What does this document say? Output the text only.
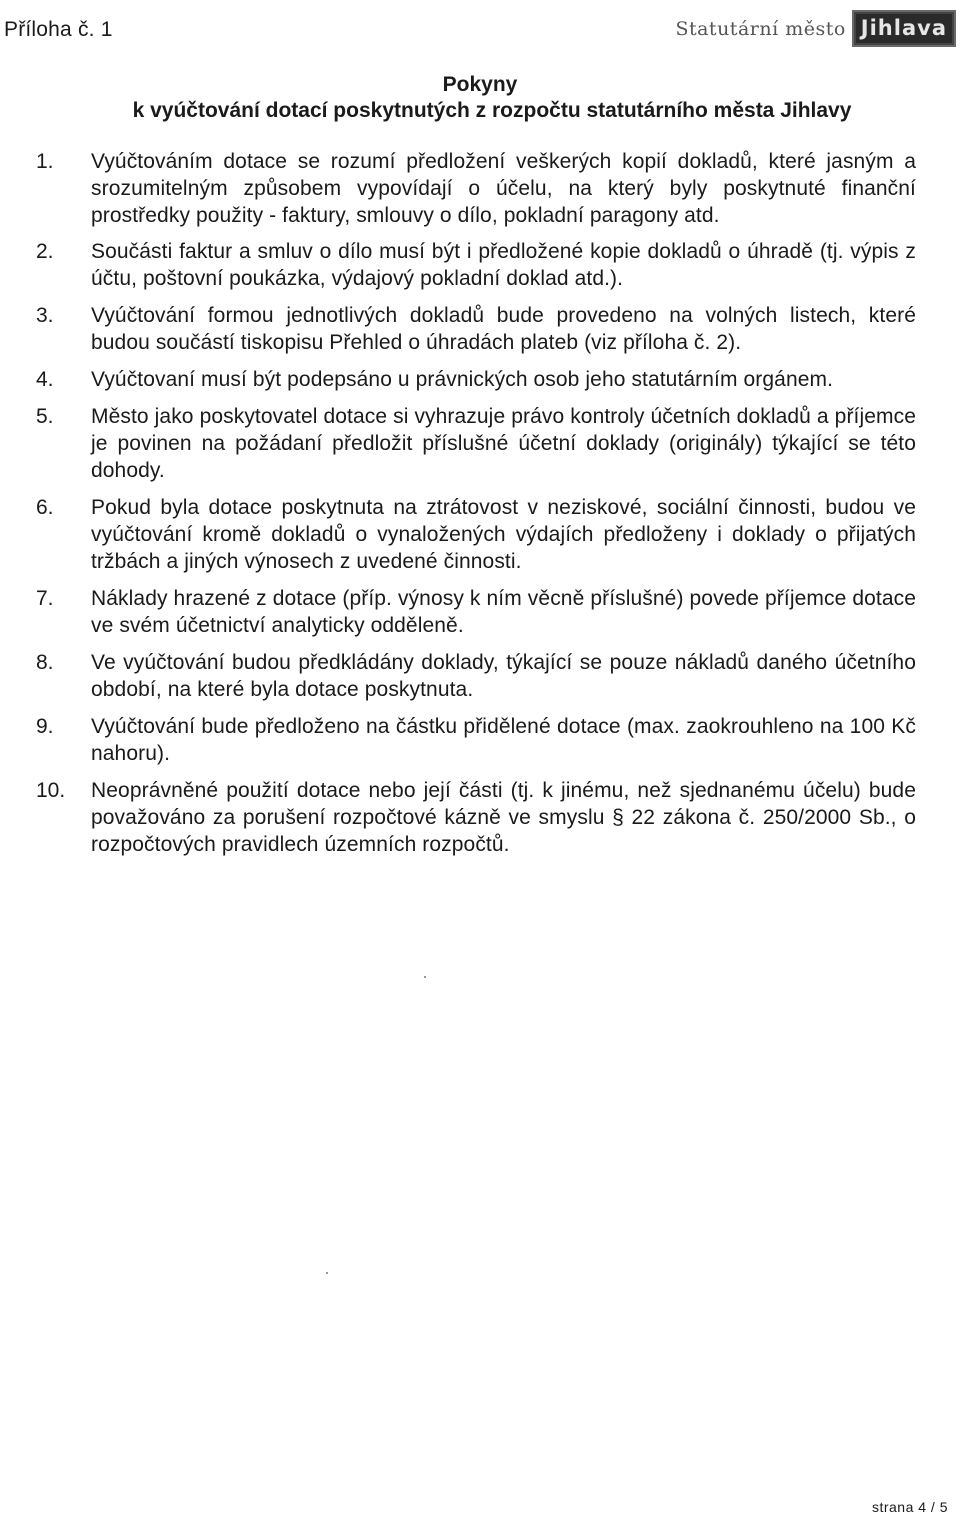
Příloha č. 1	Statutární město Jihlava
Pokyny
k vyúčtování dotací poskytnutých z rozpočtu statutárního města Jihlavy
1.	Vyúčtováním dotace se rozumí předložení veškerých kopií dokladů, které jasným a srozumitelným způsobem vypovídají o účelu, na který byly poskytnuté finanční prostředky použity - faktury, smlouvy o dílo, pokladní paragony atd.
2.	Součásti faktur a smluv o dílo musí být i předložené kopie dokladů o úhradě (tj. výpis z účtu, poštovní poukázka, výdajový pokladní doklad atd.).
3.	Vyúčtování formou jednotlivých dokladů bude provedeno na volných listech, které budou součástí tiskopisu Přehled o úhradách plateb (viz příloha č. 2).
4.	Vyúčtovaní musí být podepsáno u právnických osob jeho statutárním orgánem.
5.	Město jako poskytovatel dotace si vyhrazuje právo kontroly účetních dokladů a příjemce je povinen na požádaní předložit příslušné účetní doklady (originály) týkající se této dohody.
6.	Pokud byla dotace poskytnuta na ztrátovost v neziskové, sociální činnosti, budou ve vyúčtování kromě dokladů o vynaložených výdajích předloženy i doklady o přijatých tržbách a jiných výnosech z uvedené činnosti.
7.	Náklady hrazené z dotace (příp. výnosy k ním věcně příslušné) povede příjemce dotace ve svém účetnictví analyticky odděleně.
8.	Ve vyúčtování budou předkládány doklady, týkající se pouze nákladů daného účetního období, na které byla dotace poskytnuta.
9.	Vyúčtování bude předloženo na částku přidělené dotace (max. zaokrouhleno na 100 Kč nahoru).
10.	Neoprávněné použití dotace nebo její části (tj. k jinému, než sjednanému účelu) bude považováno za porušení rozpočtové kázně ve smyslu § 22 zákona č. 250/2000 Sb., o rozpočtových pravidlech územních rozpočtů.
strana 4 / 5
